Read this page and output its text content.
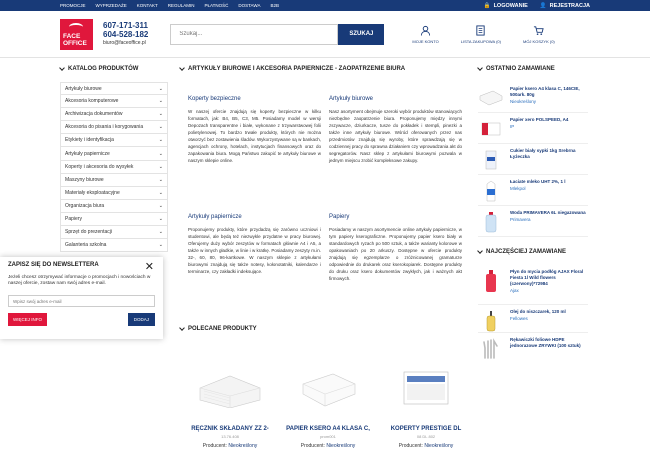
PROMOCJE WYPRZEDAŻE KONTAKT REGULAMIN PŁATNOŚĆ DOSTAWA B2B	🔒 LOGOWANIE 👤 REJESTRACJA
FACE
OFFICE
607-171-311
604-528-182
biuro@faceoffice.pl
Szukaj...
SZUKAJ
MOJE KONTO	LISTA ZAKUPOWA (0)	MÓJ KOSZYK (0)
KATALOG PRODUKTÓW
Artykuły biurowe	⌄
Akcesoria komputerowe	⌄
Archiwizacja dokumentów	⌄
Akcesoria do pisania i korygowania	⌄
Etykiety i identyfikacja	⌄
Artykuły papiernicze	⌄
Koperty i akcesoria do wysyłek	⌄
Maszyny biurowe	⌄
Materiały eksploatacyjne	⌄
Organizacja biura	⌄
Papiery	⌄
Sprzęt do prezentacji	⌄
Galanteria szkolna	⌄
ARTYKUŁY BIUROWE I AKCESORIA PAPIERNICZE - ZAOPATRZENIE BIURA
Koperty bezpieczne

W naszej ofercie znajdują się koperty bezpieczne w kilku formatach, jak: B4, B5, C3, M5. Posiadamy model w wersji Depozach transparentne i białe, wykonane z trzywarstwowej folii polietylenowej. To bardzo trwałe produkty, których nie można otworzyć bez zostawienia śladów. Wykorzystywane są w bankach, agencjach ochrony, hotelach, instytucjach finansowych oraz do zapakowania biura. Mogą Państwo zakupić te artykuły biurowe w naszym sklepie online.

Artykuły biurowe

Nasz asortyment obejmuje szeroki wybór produktów stanowiących niezbędne zaopatrzenie biura. Proponujemy między innymi zszywacze, dziurkacze, tusze do pokładek i stempli, pinezki a także inne artykuły biurowe. Wśród oferowanych przez nas przedmiotów znajdują się wyroby, które sprawdzają się w codziennej pracy do sprawna działaniem czy wprowadzania akt do segregatorów. Nasz sklep z artykułami biurowymi pozwala w jednym miejscu zrobić kompleksowe zakupy.

Artykuły papiernicze

Proponujemy produkty, które przydadzą się zarówno uczniowi i studentowi, ale będą też niezwykle przydatne w pracy biurowej. Oferujemy duży wybór zeszytów w formatach głównie A4 i A5, a także w innych gładkie, w linie i w kratkę. Posiadamy zeszyty m.in. 32-, 60, 80, 96-kartkowe. W naszym sklepie z artykułami biurowymi znajdują się także notesy, kołonotatniki, kalendarze i terminarze, czy zakładki indeksujące.

Papiery

Posiadamy w naszym asortymencie online artykuły papiernicze, w tym papiery kserograficzne. Proponujemy papier ksero biały w standardowych ryzach po 500 sztuk, a także warianty kolorowe w opakowaniach po 20 arkuszy. Dostępne w ofercie produkty znajdują się egzemplarze o zróżnicowanej gramaturze odpowiednie do drukarek oraz kserokopiarek. Dostępne produkty do druku oraz ksero dokumentów zwykłych, jak i ważnych akt firmowych.

POLECANE PRODUKTY
RĘCZNIK SKŁADANY ZZ 2-
13.76.408
Producent: Nieokreślony
PAPIER KSERO A4 KLASA C,
prom001
Producent: Nieokreślony
KOPERTY PRESTIGE DL
08 DL 802
Producent: Nieokreślony
OSTATNIO ZAMAWIANE
Papier ksero A4 klasa C, 146CIE, 500ark. 80g
Nieokreślony
Papier xero POLSPEED, A4
IP
Cukier biały sypki 1kg Srebrna Łyżeczka
Łaciate mleko UHT 2%, 1 l
Mlekpol
Woda PRIMAVERA 6L niegazowana
Primavera
NAJCZĘŚCIEJ ZAMAWIANE
Płyn do mycia podłóg AJAX Floral Fiesta 1l Wild flowers (czerwony)*72984
Ajax
Olej do niszczarek, 120 ml
Fellowes
Rękawiczki foliowe HDPE jednorazowe ZRYWKI (100 sztuk)
ZAPISZ SIĘ DO NEWSLETTERA	✕
Jeżeli chcesz otrzymywać informacje o promocjach i nowościach w naszej ofercie, zostaw nam swój adres e-mail.
Wpisz swój adres e-mail
WIĘCEJ INFO	DODAJ
